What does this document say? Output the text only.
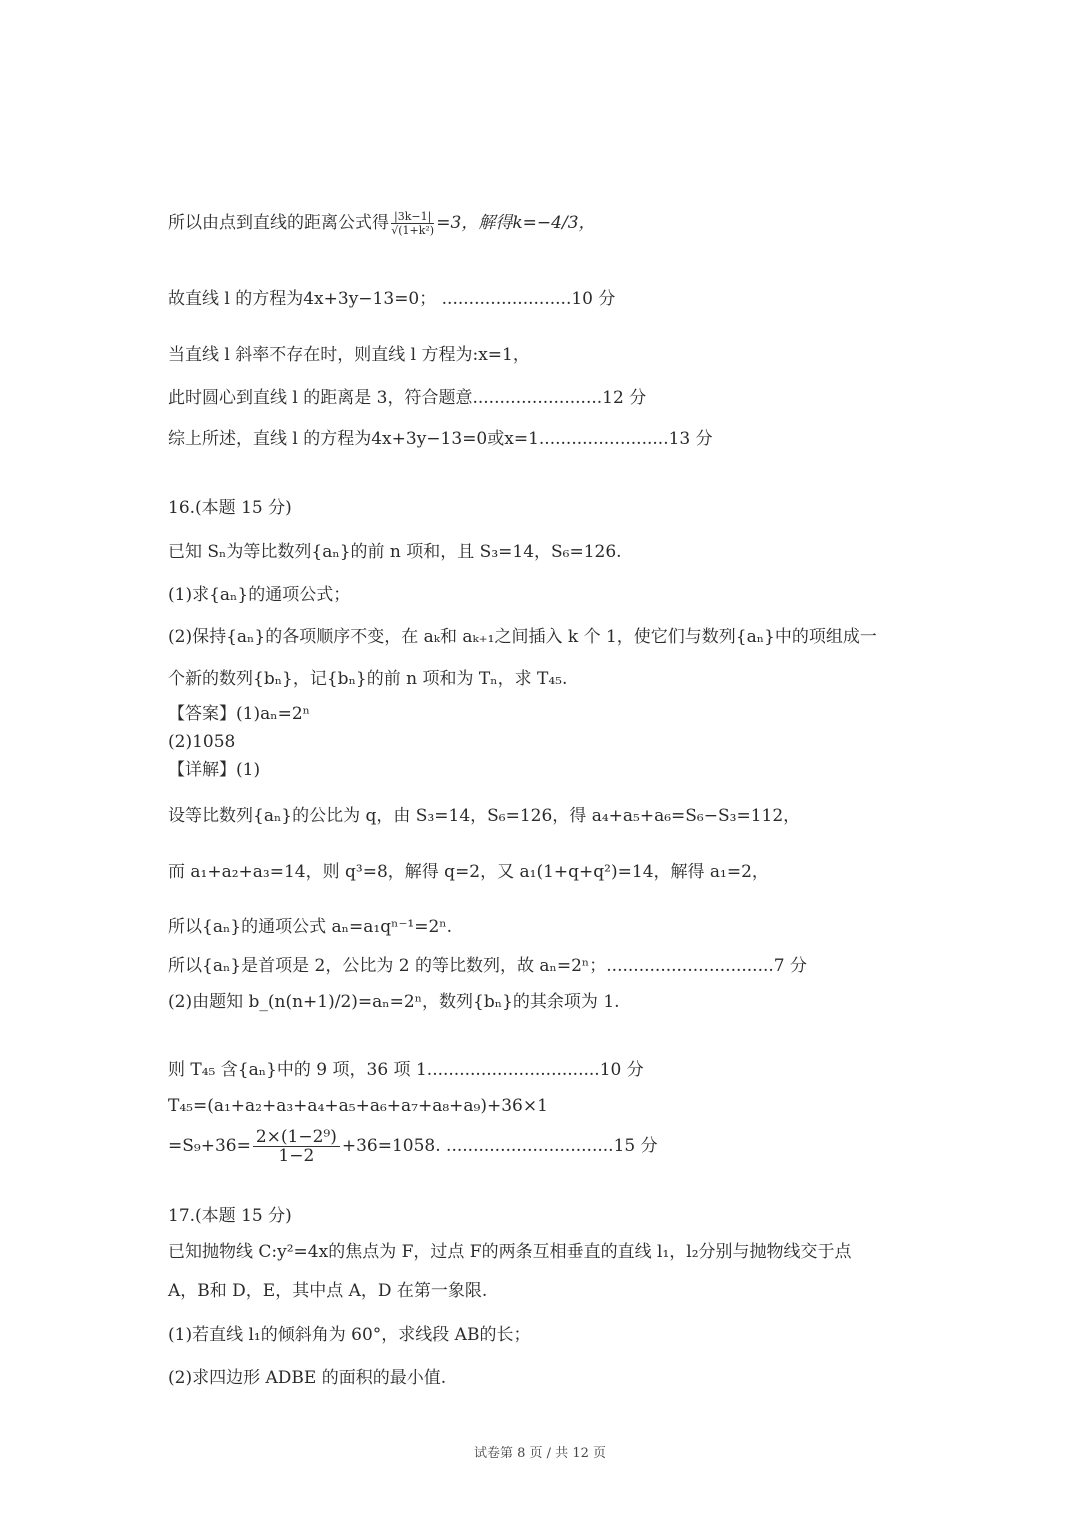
所以由点到直线的距离公式得 $\frac{|3k-1|}{\text{√(1+k²)}} =3$，解得k=−4/3，
故直线 l 的方程为4x+3y−13=0； ........................10 分
当直线 l 斜率不存在时，则直线 l 方程为:x=1，
此时圆心到直线 l 的距离是 3，符合题意........................12 分
综上所述，直线 l 的方程为4x+3y−13=0或x=1........................13 分
16.(本题 15 分)
已知 Sₙ为等比数列{aₙ}的前 n 项和，且 S₃=14，S₆=126.
(1)求{aₙ}的通项公式；
(2)保持{aₙ}的各项顺序不变，在 aₖ和 aₖ₊₁之间插入 k 个 1，使它们与数列{aₙ}中的项组成一
个新的数列{bₙ}，记{bₙ}的前 n 项和为 Tₙ，求 T₄₅.
【答案】(1)aₙ=2ⁿ
(2)1058
【详解】(1)
设等比数列{aₙ}的公比为 q，由 S₃=14，S₆=126，得 a₄+a₅+a₆=S₆−S₃=112，
而 a₁+a₂+a₃=14，则 q³=8，解得 q=2，又 a₁(1+q+q²)=14，解得 a₁=2，
所以{aₙ}的通项公式 aₙ=a₁qⁿ⁻¹=2ⁿ.
所以{aₙ}是首项是 2，公比为 2 的等比数列，故 aₙ=2ⁿ；...............................7 分
(2)由题知 b_(n(n+1)/2)=aₙ=2ⁿ，数列{bₙ}的其余项为 1.
则 T₄₅ 含{aₙ}中的 9 项，36 项 1................................10 分
T₄₅=(a₁+a₂+a₃+a₄+a₅+a₆+a₇+a₈+a₉)+36×1
$=S_9+36= \frac{\text{2×(1−2⁹)}}{1-2} +36=1058$. ...............................15 分
17.(本题 15 分)
已知抛物线 C:y²=4x的焦点为 F，过点 F的两条互相垂直的直线 l₁，l₂分别与抛物线交于点
A，B和 D，E，其中点 A，D 在第一象限.
(1)若直线 l₁的倾斜角为 60°，求线段 AB的长；
(2)求四边形 ADBE 的面积的最小值.
试卷第 8 页 / 共 12 页
